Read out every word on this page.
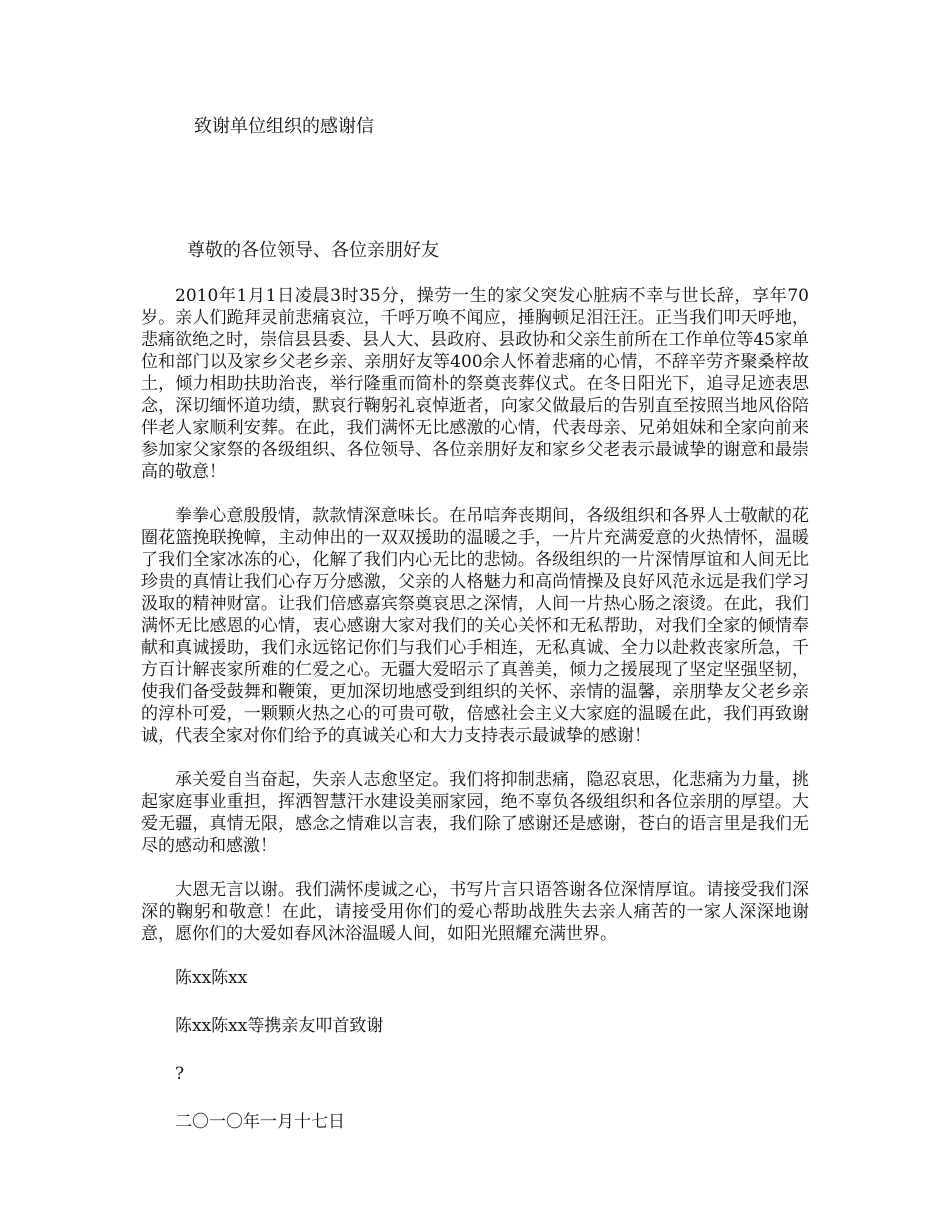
致谢单位组织的感谢信
尊敬的各位领导、各位亲朋好友

2010年1月1日凌晨3时35分，操劳一生的家父突发心脏病不幸与世长辞，享年70岁。亲人们跪拜灵前悲痛哀泣，千呼万唤不闻应，捶胸顿足泪汪汪。正当我们叩天呼地，悲痛欲绝之时，崇信县县委、县人大、县政府、县政协和父亲生前所在工作单位等45家单位和部门以及家乡父老乡亲、亲朋好友等400余人怀着悲痛的心情，不辞辛劳齐聚桑梓故土，倾力相助扶助治丧，举行隆重而简朴的祭奠丧葬仪式。在冬日阳光下，追寻足迹表思念，深切缅怀道功绩，默哀行鞠躬礼哀悼逝者，向家父做最后的告别直至按照当地风俗陪伴老人家顺利安葬。在此，我们满怀无比感激的心情，代表母亲、兄弟姐妹和全家向前来参加家父家祭的各级组织、各位领导、各位亲朋好友和家乡父老表示最诚挚的谢意和最崇高的敬意！

拳拳心意殷殷情，款款情深意味长。在吊唁奔丧期间，各级组织和各界人士敬献的花圈花篮挽联挽幛，主动伸出的一双双援助的温暖之手，一片片充满爱意的火热情怀，温暖了我们全家冰冻的心，化解了我们内心无比的悲恸。各级组织的一片深情厚谊和人间无比珍贵的真情让我们心存万分感激，父亲的人格魅力和高尚情操及良好风范永远是我们学习汲取的精神财富。让我们倍感嘉宾祭奠哀思之深情，人间一片热心肠之滚烫。在此，我们满怀无比感恩的心情，衷心感谢大家对我们的关心关怀和无私帮助，对我们全家的倾情奉献和真诚援助，我们永远铭记你们与我们心手相连，无私真诚、全力以赴救丧家所急，千方百计解丧家所难的仁爱之心。无疆大爱昭示了真善美，倾力之援展现了坚定坚强坚韧，使我们备受鼓舞和鞭策，更加深切地感受到组织的关怀、亲情的温馨，亲朋挚友父老乡亲的淳朴可爱，一颗颗火热之心的可贵可敬，倍感社会主义大家庭的温暖在此，我们再致谢诚，代表全家对你们给予的真诚关心和大力支持表示最诚挚的感谢！

承关爱自当奋起，失亲人志愈坚定。我们将抑制悲痛，隐忍哀思，化悲痛为力量，挑起家庭事业重担，挥洒智慧汗水建设美丽家园，绝不辜负各级组织和各位亲朋的厚望。大爱无疆，真情无限，感念之情难以言表，我们除了感谢还是感谢，苍白的语言里是我们无尽的感动和感激！

大恩无言以谢。我们满怀虔诚之心，书写片言只语答谢各位深情厚谊。请接受我们深深的鞠躬和敬意！在此，请接受用你们的爱心帮助战胜失去亲人痛苦的一家人深深地谢意，愿你们的大爱如春风沐浴温暖人间，如阳光照耀充满世界。

陈xx陈xx
陈xx陈xx等携亲友叩首致谢
?
二〇一〇年一月十七日
